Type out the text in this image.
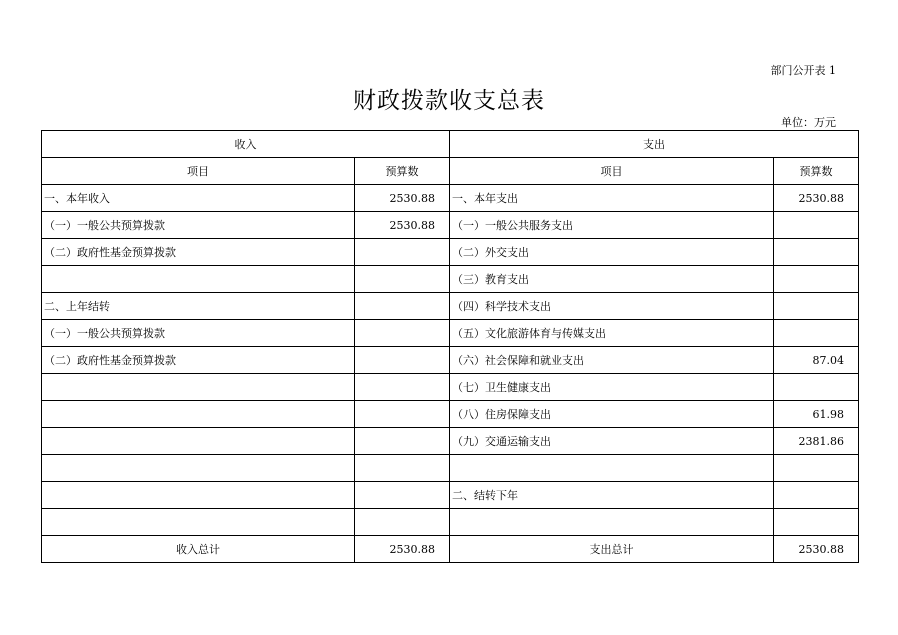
部门公开表 1
财政拨款收支总表
单位：万元
收入		支出	
项目	预算数	项目	预算数
一、本年收入	2530.88	一、本年支出	2530.88
（一）一般公共预算拨款	2530.88	（一）一般公共服务支出	
（二）政府性基金预算拨款		（二）外交支出	
		（三）教育支出	
二、上年结转		（四）科学技术支出	
（一）一般公共预算拨款		（五）文化旅游体育与传媒支出	
（二）政府性基金预算拨款		（六）社会保障和就业支出	87.04
		（七）卫生健康支出	
		（八）住房保障支出	61.98
		（九）交通运输支出	2381.86

		二、结转下年	

收入总计	2530.88	支出总计	2530.88
